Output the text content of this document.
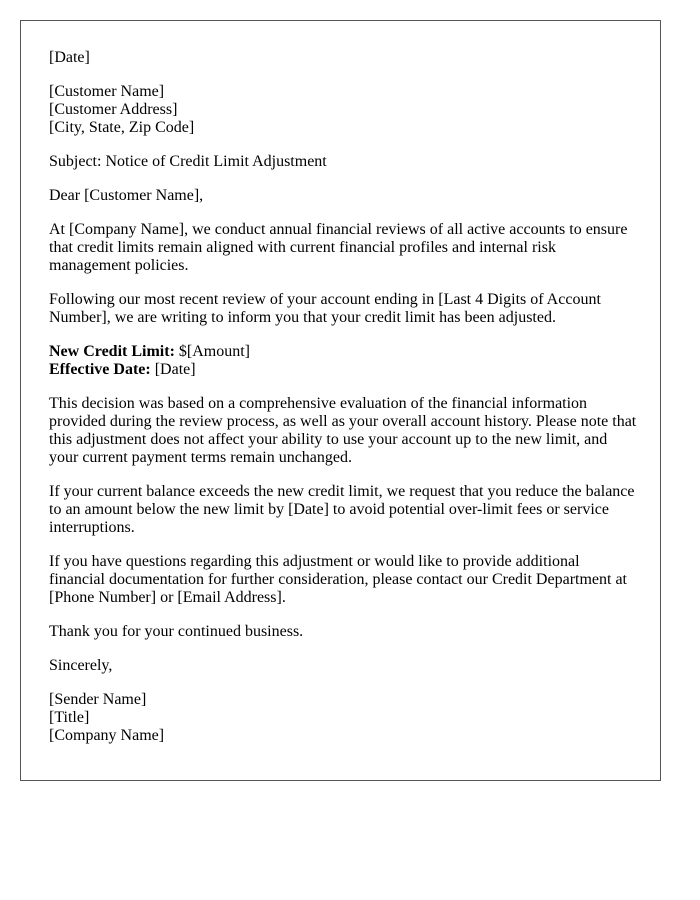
[Date]

[Customer Name]
[Customer Address]
[City, State, Zip Code]

Subject: Notice of Credit Limit Adjustment

Dear [Customer Name],

At [Company Name], we conduct annual financial reviews of all active accounts to ensure that credit limits remain aligned with current financial profiles and internal risk management policies.

Following our most recent review of your account ending in [Last 4 Digits of Account Number], we are writing to inform you that your credit limit has been adjusted.

New Credit Limit: $[Amount]
Effective Date: [Date]

This decision was based on a comprehensive evaluation of the financial information provided during the review process, as well as your overall account history. Please note that this adjustment does not affect your ability to use your account up to the new limit, and your current payment terms remain unchanged.

If your current balance exceeds the new credit limit, we request that you reduce the balance to an amount below the new limit by [Date] to avoid potential over-limit fees or service interruptions.

If you have questions regarding this adjustment or would like to provide additional financial documentation for further consideration, please contact our Credit Department at [Phone Number] or [Email Address].

Thank you for your continued business.

Sincerely,

[Sender Name]
[Title]
[Company Name]
